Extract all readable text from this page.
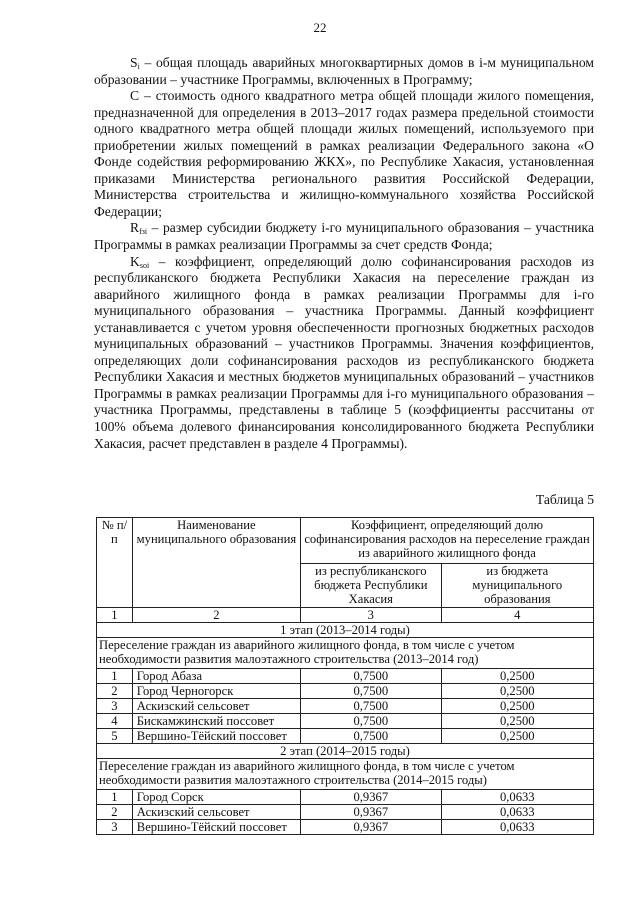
22

$S_i$ – общая площадь аварийных многоквартирных домов в i-м муниципальном образовании – участнике Программы, включенных в Программу;

С – стоимость одного квадратного метра общей площади жилого помещения, предназначенной для определения в 2013–2017 годах размера предельной стоимости одного квадратного метра общей площади жилых помещений, используемого при приобретении жилых помещений в рамках реализации Федерального закона «О Фонде содействия реформированию ЖКХ», по Республике Хакасия, установленная приказами Министерства регионального развития Российской Федерации, Министерства строительства и жилищно-коммунального хозяйства Российской Федерации;

$R_{fзi}$ – размер субсидии бюджету i-го муниципального образования – участника Программы в рамках реализации Программы за счет средств Фонда;

$K_{soi}$ – коэффициент, определяющий долю софинансирования расходов из республиканского бюджета Республики Хакасия на переселение граждан из аварийного жилищного фонда в рамках реализации Программы для i-го муниципального образования – участника Программы. Данный коэффициент устанавливается с учетом уровня обеспеченности прогнозных бюджетных расходов муниципальных образований – участников Программы. Значения коэффициентов, определяющих доли софинансирования расходов из республиканского бюджета Республики Хакасия и местных бюджетов муниципальных образований – участников Программы в рамках реализации Программы для i-го муниципального образования – участника Программы, представлены в таблице 5 (коэффициенты рассчитаны от 100% объема долевого финансирования консолидированного бюджета Республики Хакасия, расчет представлен в разделе 4 Программы).

Таблица 5
№ п/п	Наименование муниципального образования	Коэффициент, определяющий долю софинансирования расходов на переселение граждан из аварийного жилищного фонда	
		из республиканского бюджета Республики Хакасия	из бюджета муниципального образования
1	2	3	4
1 этап (2013–2014 годы)			
Переселение граждан из аварийного жилищного фонда, в том числе с учетом необходимости развития малоэтажного строительства (2013–2014 год)			
1	Город Абаза	0,7500	0,2500
2	Город Черногорск	0,7500	0,2500
3	Аскизский сельсовет	0,7500	0,2500
4	Бискамжинский поссовет	0,7500	0,2500
5	Вершино-Тёйский поссовет	0,7500	0,2500
2 этап (2014–2015 годы)			
Переселение граждан из аварийного жилищного фонда, в том числе с учетом необходимости развития малоэтажного строительства (2014–2015 годы)			
1	Город Сорск	0,9367	0,0633
2	Аскизский сельсовет	0,9367	0,0633
3	Вершино-Тёйский поссовет	0,9367	0,0633
